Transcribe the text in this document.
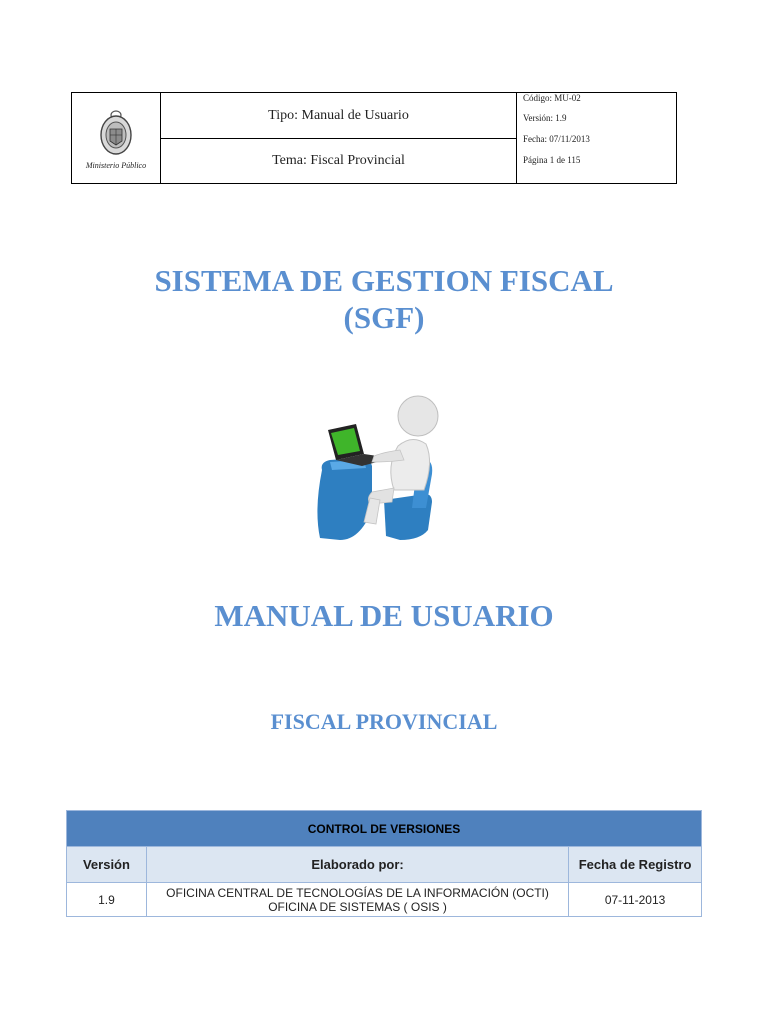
Ministerio Público
Tipo: Manual de Usuario
Código: MU-02
Versión: 1.9
Fecha: 07/11/2013
Página 1 de 115
Tema: Fiscal Provincial
SISTEMA DE GESTION FISCAL
(SGF)
MANUAL DE USUARIO
FISCAL PROVINCIAL
CONTROL DE VERSIONES		
Versión	Elaborado por:	Fecha de Registro
1.9	OFICINA CENTRAL DE TECNOLOGÍAS DE LA INFORMACIÓN (OCTI)
OFICINA DE SISTEMAS ( OSIS )	07-11-2013
